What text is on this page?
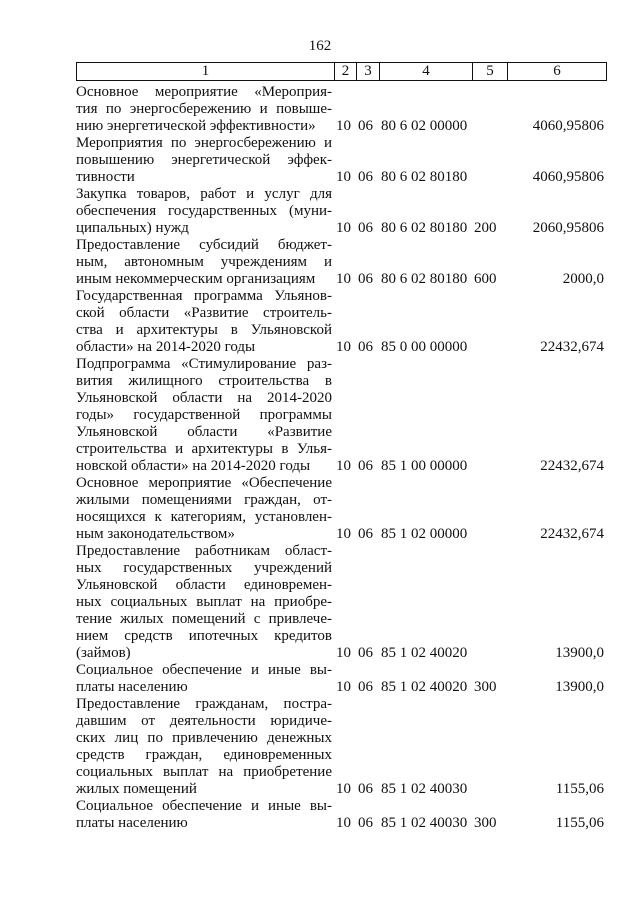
162
1	2	3	4	5	6
Основное мероприятие «Мероприя-
тия по энергосбережению и повыше-
нию энергетической эффективности»	10 06 80 6 02 00000	4060,95806
Мероприятия по энергосбережению и
повышению энергетической эффек-
тивности	10 06 80 6 02 80180	4060,95806
Закупка товаров, работ и услуг для
обеспечения государственных (муни-
ципальных) нужд	10 06 80 6 02 80180 200 2060,95806
Предоставление субсидий бюджет-
ным, автономным учреждениям и
иным некоммерческим организациям	10 06 80 6 02 80180 600	2000,0
Государственная программа Ульянов-
ской области «Развитие строитель-
ства и архитектуры в Ульяновской
области» на 2014-2020 годы	10 06 85 0 00 00000	22432,674
Подпрограмма «Стимулирование раз-
вития жилищного строительства в
Ульяновской области на 2014-2020
годы» государственной программы
Ульяновской области «Развитие
строительства и архитектуры в Улья-
новской области» на 2014-2020 годы	10 06 85 1 00 00000	22432,674
Основное мероприятие «Обеспечение
жилыми помещениями граждан, от-
носящихся к категориям, установлен-
ным законодательством»	10 06 85 1 02 00000	22432,674
Предоставление работникам област-
ных государственных учреждений
Ульяновской области единовремен-
ных социальных выплат на приобре-
тение жилых помещений с привлече-
нием средств ипотечных кредитов
(займов)	10 06 85 1 02 40020	13900,0
Социальное обеспечение и иные вы-
платы населению	10 06 85 1 02 40020 300	13900,0
Предоставление гражданам, постра-
давшим от деятельности юридиче-
ских лиц по привлечению денежных
средств граждан, единовременных
социальных выплат на приобретение
жилых помещений	10 06 85 1 02 40030	1155,06
Социальное обеспечение и иные вы-
платы населению	10 06 85 1 02 40030 300	1155,06
